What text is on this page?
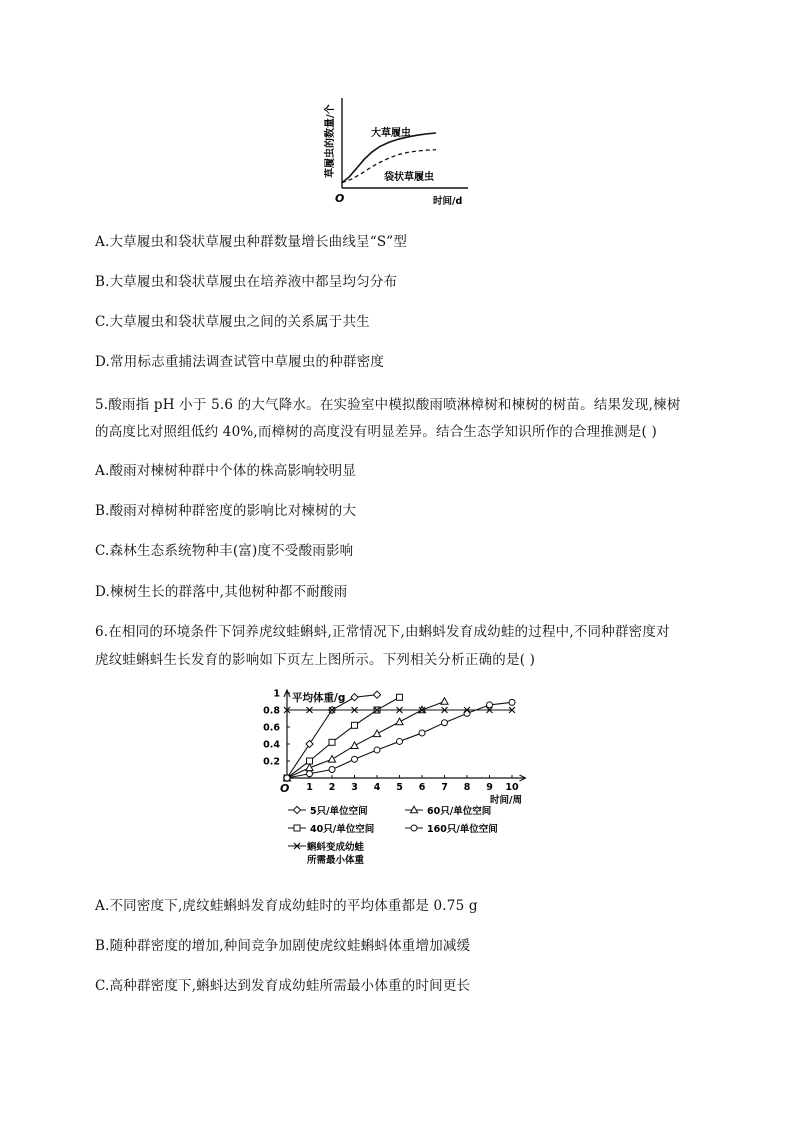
草履虫的数量/个
O	时间/d
大草履虫
袋状草履虫
A.大草履虫和袋状草履虫种群数量增长曲线呈“S”型
B.大草履虫和袋状草履虫在培养液中都呈均匀分布
C.大草履虫和袋状草履虫之间的关系属于共生
D.常用标志重捕法调查试管中草履虫的种群密度
5.酸雨指 pH 小于 5.6 的大气降水。在实验室中模拟酸雨喷淋樟树和楝树的树苗。结果发现,楝树
的高度比对照组低约 40%,而樟树的高度没有明显差异。结合生态学知识所作的合理推测是( )
A.酸雨对楝树种群中个体的株高影响较明显
B.酸雨对樟树种群密度的影响比对楝树的大
C.森林生态系统物种丰(富)度不受酸雨影响
D.楝树生长的群落中,其他树种都不耐酸雨
6.在相同的环境条件下饲养虎纹蛙蝌蚪,正常情况下,由蝌蚪发育成幼蛙的过程中,不同种群密度对
虎纹蛙蝌蚪生长发育的影响如下页左上图所示。下列相关分析正确的是( )
平均体重/g
O
时间/周
0.2
0.4
0.6
0.8
1
1 2 3 4 5 6 7 8 9 10
5只/单位空间	60只/单位空间
40只/单位空间	160只/单位空间
蝌蚪变成幼蛙所需最小体重
A.不同密度下,虎纹蛙蝌蚪发育成幼蛙时的平均体重都是 0.75 g
B.随种群密度的增加,种间竞争加剧使虎纹蛙蝌蚪体重增加减缓
C.高种群密度下,蝌蚪达到发育成幼蛙所需最小体重的时间更长
